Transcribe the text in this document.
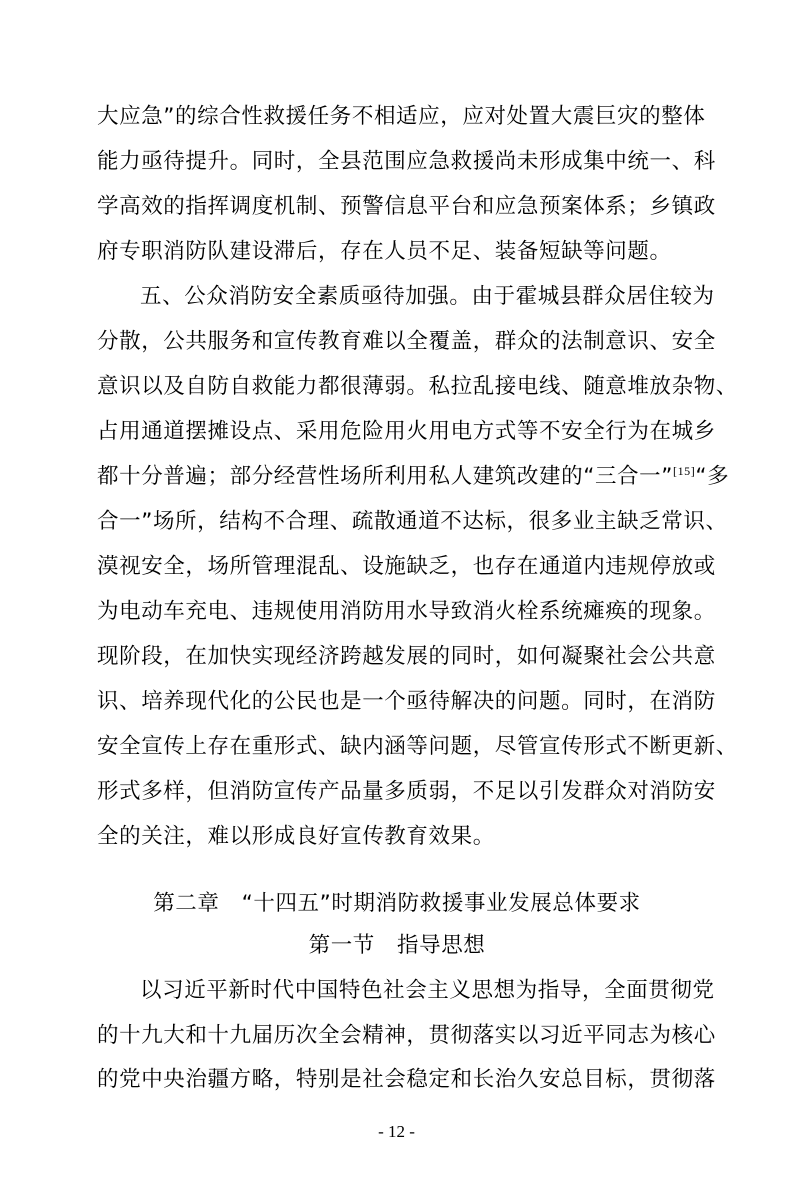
大应急”的综合性救援任务不相适应，应对处置大震巨灾的整体
能力亟待提升。同时，全县范围应急救援尚未形成集中统一、科
学高效的指挥调度机制、预警信息平台和应急预案体系；乡镇政
府专职消防队建设滞后，存在人员不足、装备短缺等问题。
五、公众消防安全素质亟待加强。由于霍城县群众居住较为
分散，公共服务和宣传教育难以全覆盖，群众的法制意识、安全
意识以及自防自救能力都很薄弱。私拉乱接电线、随意堆放杂物、
占用通道摆摊设点、采用危险用火用电方式等不安全行为在城乡
都十分普遍；部分经营性场所利用私人建筑改建的“三合一”[15]“多
合一”场所，结构不合理、疏散通道不达标，很多业主缺乏常识、
漠视安全，场所管理混乱、设施缺乏，也存在通道内违规停放或
为电动车充电、违规使用消防用水导致消火栓系统瘫痪的现象。
现阶段，在加快实现经济跨越发展的同时，如何凝聚社会公共意
识、培养现代化的公民也是一个亟待解决的问题。同时，在消防
安全宣传上存在重形式、缺内涵等问题，尽管宣传形式不断更新、
形式多样，但消防宣传产品量多质弱，不足以引发群众对消防安
全的关注，难以形成良好宣传教育效果。
第二章　“十四五”时期消防救援事业发展总体要求
第一节　指导思想
以习近平新时代中国特色社会主义思想为指导，全面贯彻党
的十九大和十九届历次全会精神，贯彻落实以习近平同志为核心
的党中央治疆方略，特别是社会稳定和长治久安总目标，贯彻落
- 12 -
